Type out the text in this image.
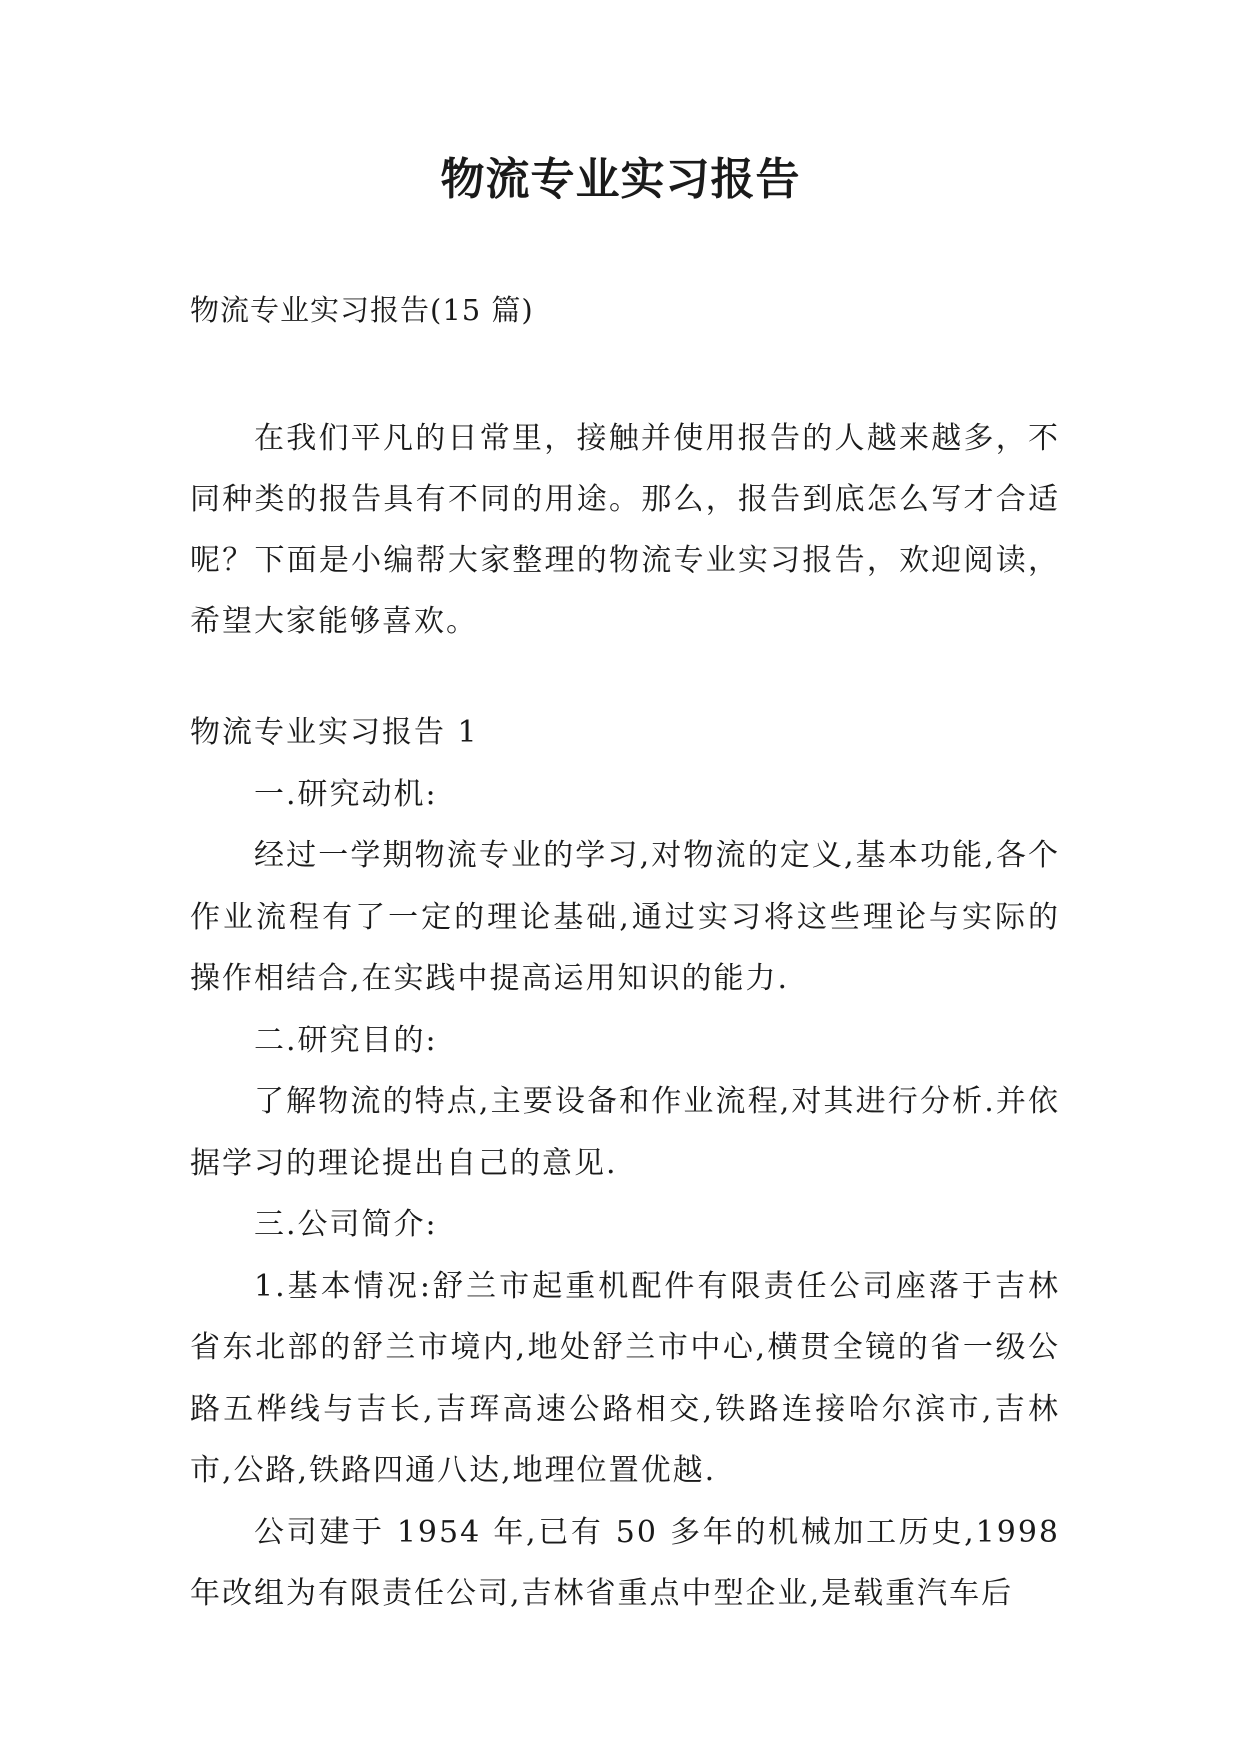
物流专业实习报告
物流专业实习报告(15 篇)

在我们平凡的日常里，接触并使用报告的人越来越多，不同种类的报告具有不同的用途。那么，报告到底怎么写才合适呢？下面是小编帮大家整理的物流专业实习报告，欢迎阅读，希望大家能够喜欢。

物流专业实习报告 1

一.研究动机:

经过一学期物流专业的学习,对物流的定义,基本功能,各个作业流程有了一定的理论基础,通过实习将这些理论与实际的操作相结合,在实践中提高运用知识的能力.

二.研究目的:

了解物流的特点,主要设备和作业流程,对其进行分析.并依据学习的理论提出自己的意见.

三.公司简介:

1.基本情况:舒兰市起重机配件有限责任公司座落于吉林省东北部的舒兰市境内,地处舒兰市中心,横贯全镜的省一级公路五桦线与吉长,吉珲高速公路相交,铁路连接哈尔滨市,吉林市,公路,铁路四通八达,地理位置优越.

公司建于 1954 年,已有 50 多年的机械加工历史,1998 年改组为有限责任公司,吉林省重点中型企业,是载重汽车后
